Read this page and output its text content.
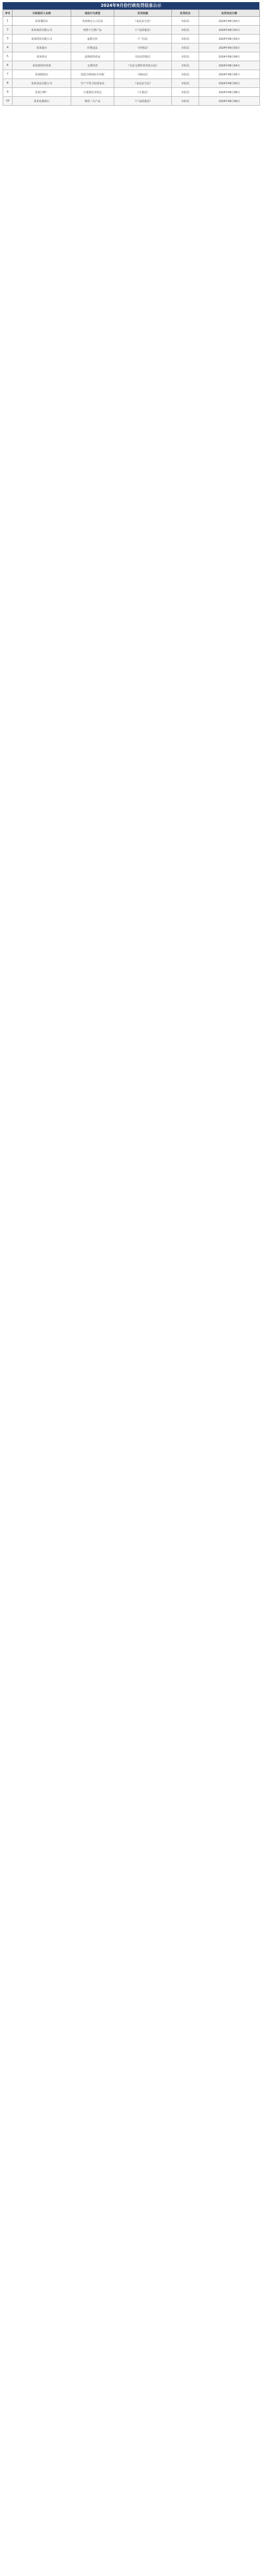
2024年9月份行政处罚信息公示
序号	行政相对人名称	违法行为类型	处罚依据	处罚机关	处罚决定日期
1	某某餐饮店	未按规定公示信息	《食品安全法》	市监局	2024年09月02日
2	某某商贸有限公司	销售不合格产品	《产品质量法》	市监局	2024年09月02日
3	某某科技有限公司	虚假宣传	《广告法》	市监局	2024年09月03日
4	某某超市	价格违法	《价格法》	市监局	2024年09月03日
5	某某药店	违规销售药品	《药品管理法》	市监局	2024年09月04日
6	某某建材经营部	无照经营	《无证无照经营查处办法》	市监局	2024年09月04日
7	某某服装店	侵犯注册商标专用权	《商标法》	市监局	2024年09月05日
8	某某食品有限公司	生产不符合标准食品	《食品安全法》	市监局	2024年09月05日
9	某某汽修厂	计量器具未检定	《计量法》	市监局	2024年09月06日
10	某某电器商行	销售三无产品	《产品质量法》	市监局	2024年09月06日
